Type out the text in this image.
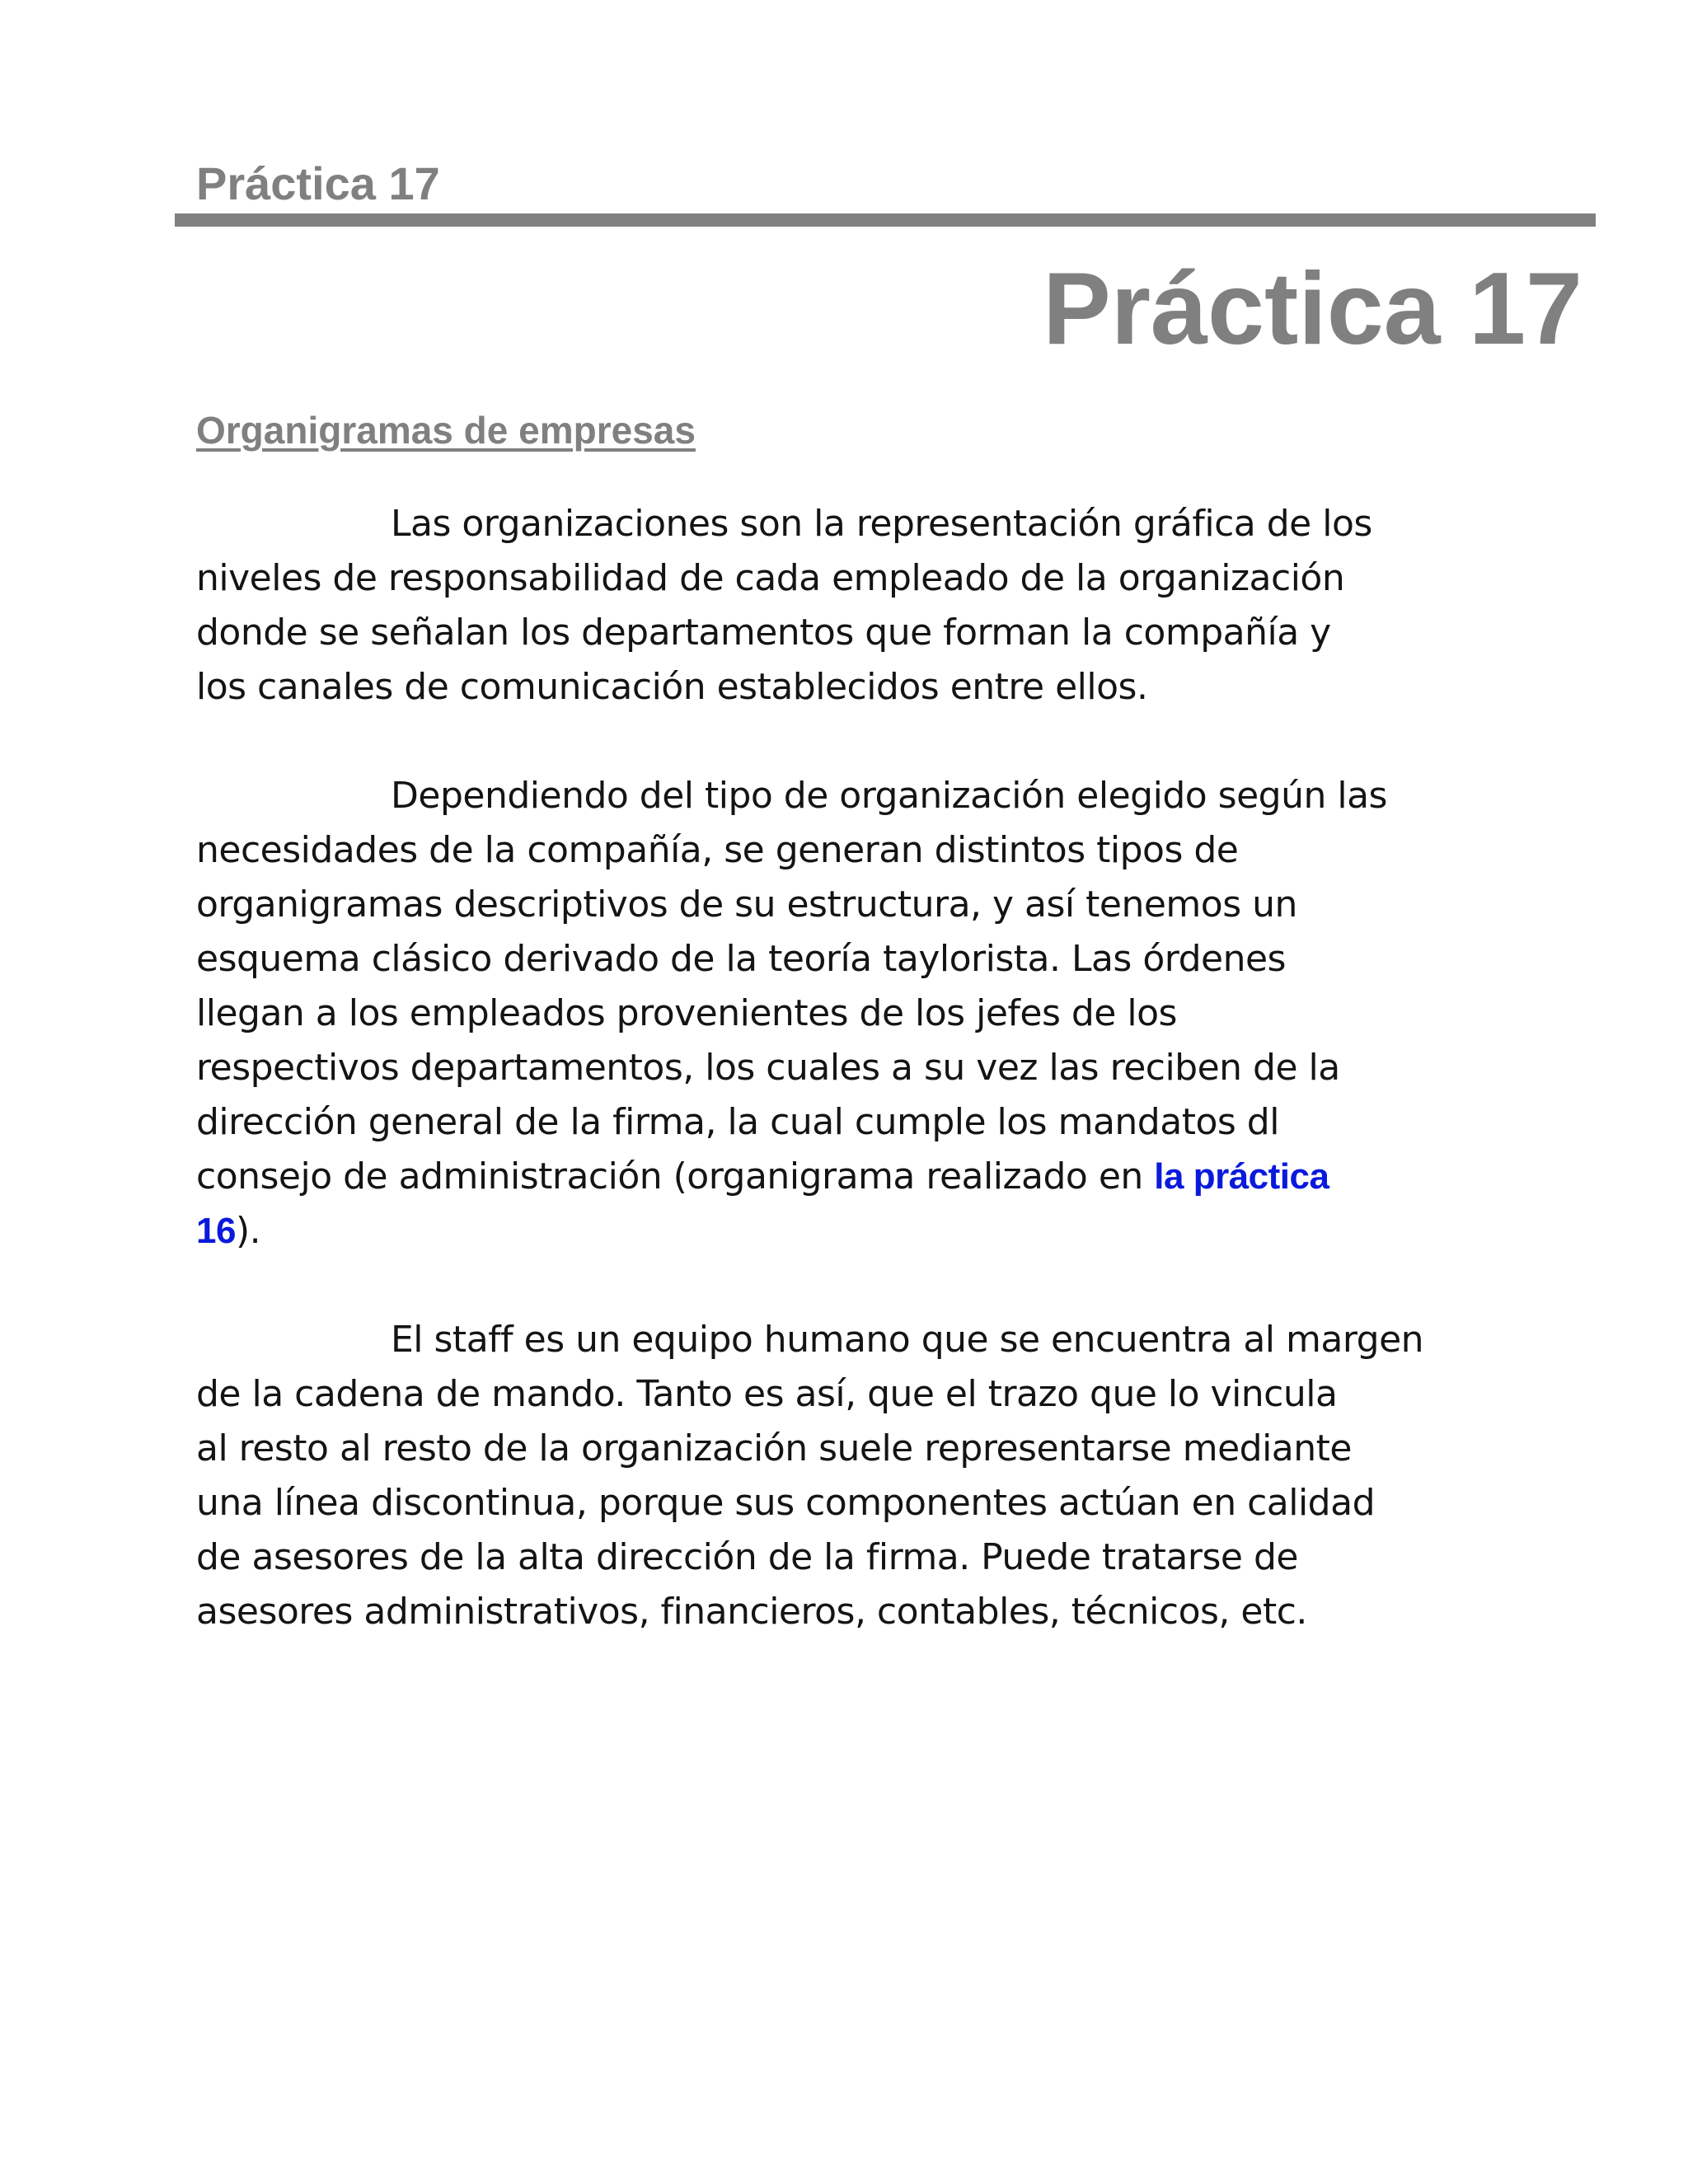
Práctica 17
Práctica 17
Organigramas de empresas

Las organizaciones son la representación gráfica de los
niveles de responsabilidad de cada empleado de la organización
donde se señalan los departamentos que forman la compañía y
los canales de comunicación establecidos entre ellos.

Dependiendo del tipo de organización elegido según las
necesidades de la compañía, se generan distintos tipos de
organigramas descriptivos de su estructura, y así tenemos un
esquema clásico derivado de la teoría taylorista. Las órdenes
llegan a los empleados provenientes de los jefes de los
respectivos departamentos, los cuales a su vez las reciben de la
dirección general de la firma, la cual cumple los mandatos dl
consejo de administración (organigrama realizado en la práctica
16).

El staff es un equipo humano que se encuentra al margen
de la cadena de mando. Tanto es así, que el trazo que lo vincula
al resto al resto de la organización suele representarse mediante
una línea discontinua, porque sus componentes actúan en calidad
de asesores de la alta dirección de la firma. Puede tratarse de
asesores administrativos, financieros, contables, técnicos, etc.
